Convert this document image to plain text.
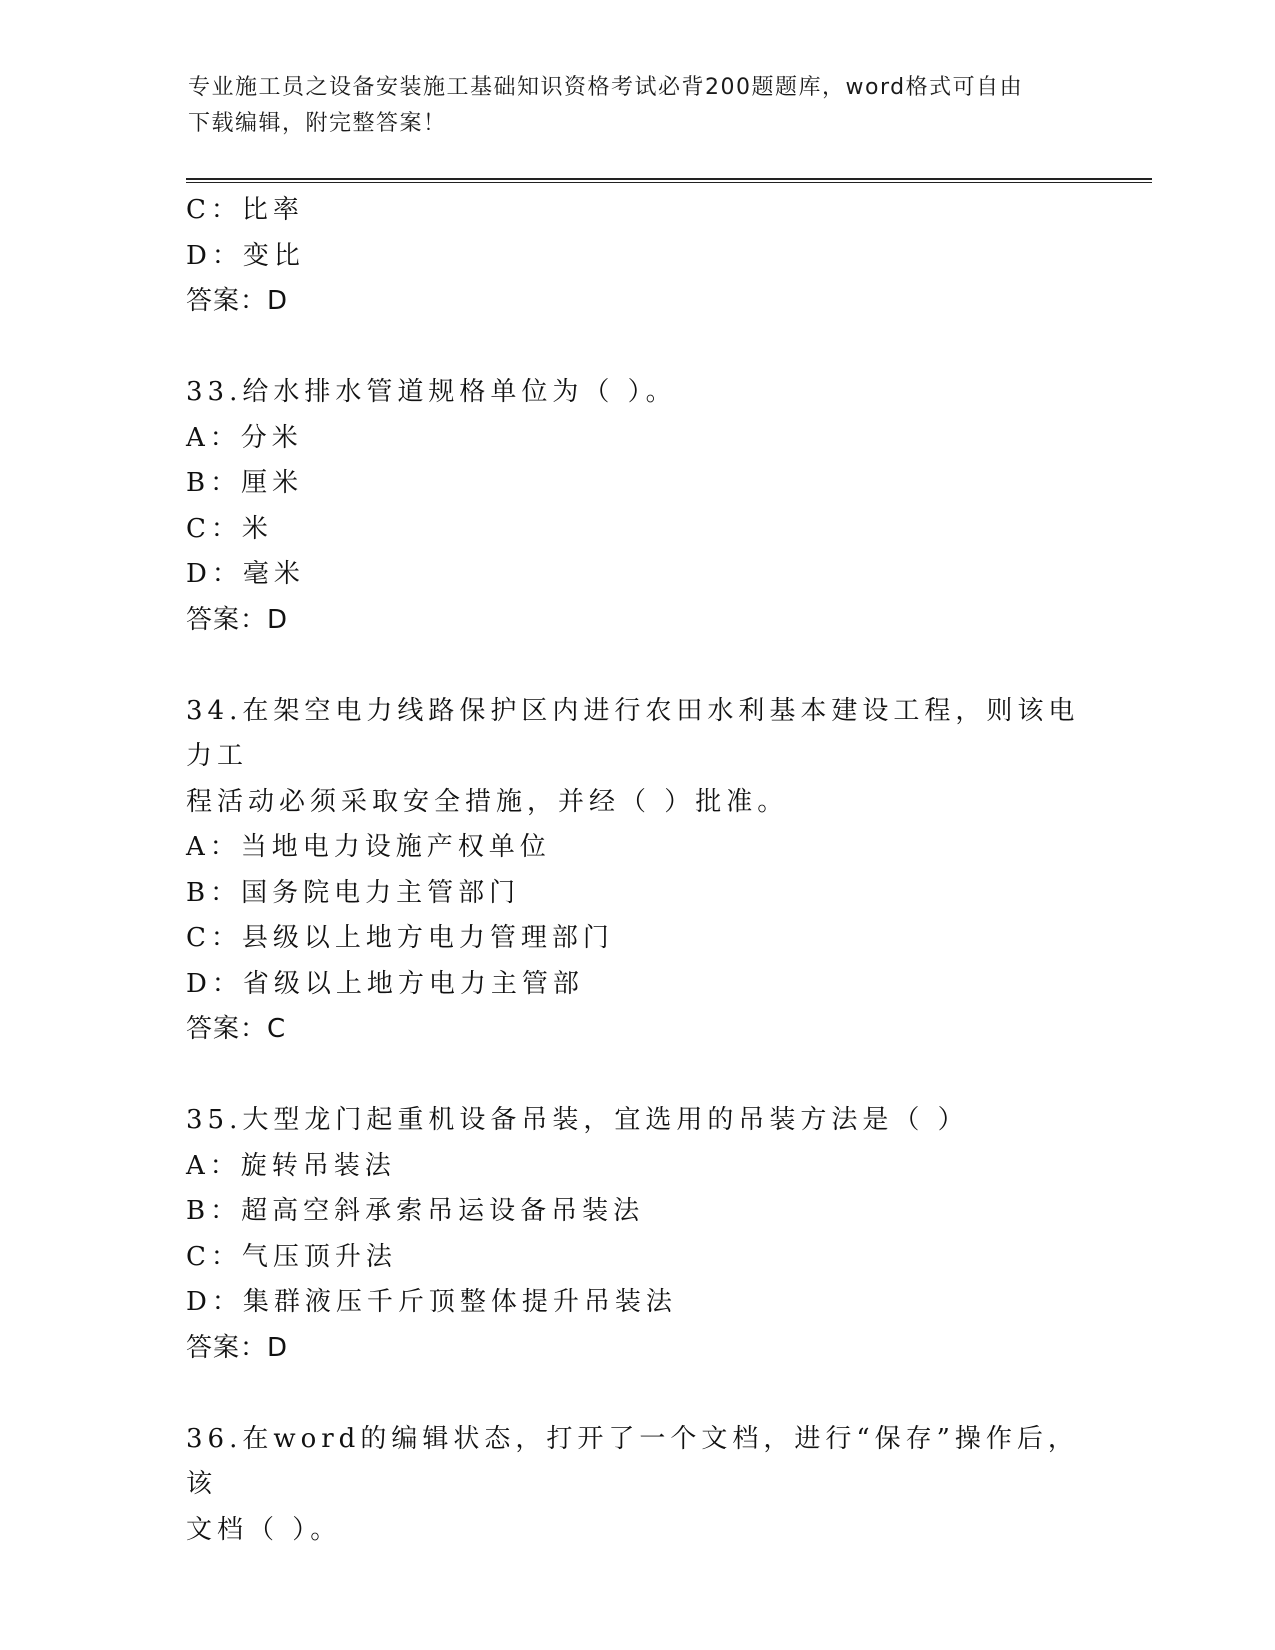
专业施工员之设备安装施工基础知识资格考试必背200题题库，word格式可自由
下载编辑，附完整答案！
C：比率
D：变比
答案：D
33.给水排水管道规格单位为（ ）。
A：分米
B：厘米
C：米
D：毫米
答案：D
34.在架空电力线路保护区内进行农田水利基本建设工程，则该电力工
程活动必须采取安全措施，并经（ ）批准。
A：当地电力设施产权单位
B：国务院电力主管部门
C：县级以上地方电力管理部门
D：省级以上地方电力主管部
答案：C
35.大型龙门起重机设备吊装，宜选用的吊装方法是（ ）
A：旋转吊装法
B：超高空斜承索吊运设备吊装法
C：气压顶升法
D：集群液压千斤顶整体提升吊装法
答案：D
36.在word的编辑状态，打开了一个文档，进行“保存”操作后，该
文档（ ）。
